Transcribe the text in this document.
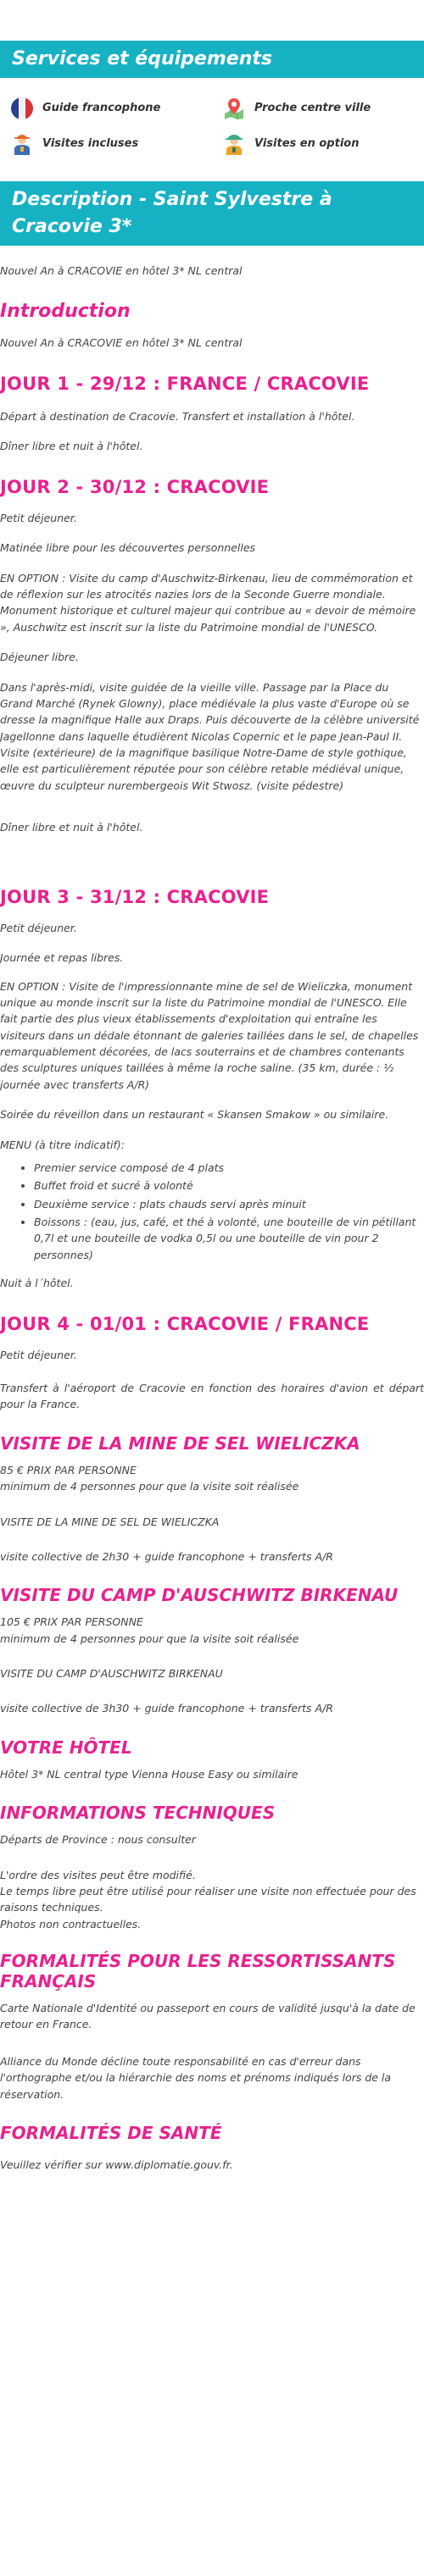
Services et équipements
Guide francophone	Proche centre ville
Visites incluses	Visites en option
Description - Saint Sylvestre à Cracovie 3*

Nouvel An à CRACOVIE en hôtel 3* NL central

Introduction

Nouvel An à CRACOVIE en hôtel 3* NL central

JOUR 1 - 29/12 : FRANCE / CRACOVIE

Départ à destination de Cracovie. Transfert et installation à l'hôtel.

Dîner libre et nuit à l'hôtel.

JOUR 2 - 30/12 : CRACOVIE

Petit déjeuner.

Matinée libre pour les découvertes personnelles

EN OPTION : Visite du camp d'Auschwitz-Birkenau, lieu de commémoration et de réflexion sur les atrocités nazies lors de la Seconde Guerre mondiale. Monument historique et culturel majeur qui contribue au « devoir de mémoire », Auschwitz est inscrit sur la liste du Patrimoine mondial de l'UNESCO.

Déjeuner libre.

Dans l'après-midi, visite guidée de la vieille ville. Passage par la Place du Grand Marché (Rynek Glowny), place médiévale la plus vaste d'Europe où se dresse la magnifique Halle aux Draps. Puis découverte de la célèbre université Jagellonne dans laquelle étudièrent Nicolas Copernic et le pape Jean-Paul II. Visite (extérieure) de la magnifique basilique Notre-Dame de style gothique, elle est particulièrement réputée pour son célèbre retable médiéval unique, œuvre du sculpteur nurembergeois Wit Stwosz. (visite pédestre)

Dîner libre et nuit à l'hôtel.

JOUR 3 - 31/12 : CRACOVIE

Petit déjeuner.

Journée et repas libres.

EN OPTION : Visite de l'impressionnante mine de sel de Wieliczka, monument unique au monde inscrit sur la liste du Patrimoine mondial de l'UNESCO. Elle fait partie des plus vieux établissements d'exploitation qui entraîne les visiteurs dans un dédale étonnant de galeries taillées dans le sel, de chapelles remarquablement décorées, de lacs souterrains et de chambres contenants des sculptures uniques taillées à même la roche saline. (35 km, durée : ½ journée avec transferts A/R)

Soirée du réveillon dans un restaurant « Skansen Smakow » ou similaire.

MENU (à titre indicatif):

• Premier service composé de 4 plats
• Buffet froid et sucré à volonté
• Deuxième service : plats chauds servi après minuit
• Boissons : (eau, jus, café, et thé à volonté, une bouteille de vin pétillant 0,7l et une bouteille de vodka 0,5l ou une bouteille de vin pour 2 personnes)

Nuit à l´hôtel.

JOUR 4 - 01/01 : CRACOVIE / FRANCE

Petit déjeuner.

Transfert à l'aéroport de Cracovie en fonction des horaires d'avion et départ pour la France.

VISITE DE LA MINE DE SEL WIELICZKA

85 € PRIX PAR PERSONNE

minimum de 4 personnes pour que la visite soit réalisée

VISITE DE LA MINE DE SEL DE WIELICZKA

visite collective de 2h30 + guide francophone + transferts A/R

VISITE DU CAMP D'AUSCHWITZ BIRKENAU

105 € PRIX PAR PERSONNE

minimum de 4 personnes pour que la visite soit réalisée

VISITE DU CAMP D'AUSCHWITZ BIRKENAU

visite collective de 3h30 + guide francophone + transferts A/R

VOTRE HÔTEL

Hôtel 3* NL central type Vienna House Easy ou similaire

INFORMATIONS TECHNIQUES

Départs de Province : nous consulter

L'ordre des visites peut être modifié.

Le temps libre peut être utilisé pour réaliser une visite non effectuée pour des raisons techniques.

Photos non contractuelles.

FORMALITÉS POUR LES RESSORTISSANTS FRANÇAIS

Carte Nationale d'Identité ou passeport en cours de validité jusqu'à la date de retour en France.

Alliance du Monde décline toute responsabilité en cas d'erreur dans l'orthographe et/ou la hiérarchie des noms et prénoms indiqués lors de la réservation.

FORMALITÉS DE SANTÉ

Veuillez vérifier sur www.diplomatie.gouv.fr.
